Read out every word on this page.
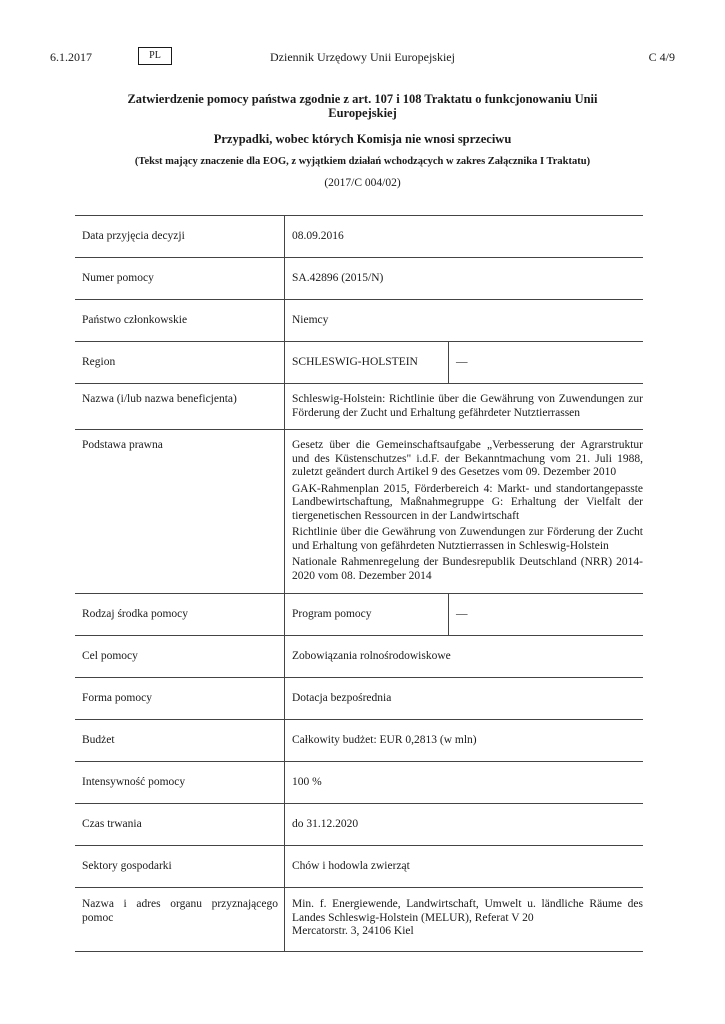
6.1.2017	Dziennik Urzędowy Unii Europejskiej
PL	C 4/9

Zatwierdzenie pomocy państwa zgodnie z art. 107 i 108 Traktatu o funkcjonowaniu Unii Europejskiej

Przypadki, wobec których Komisja nie wnosi sprzeciwu

(Tekst mający znaczenie dla EOG, z wyjątkiem działań wchodzących w zakres Załącznika I Traktatu)

(2017/C 004/02)

Data przyjęcia decyzji	08.09.2016	

Numer pomocy	SA.42896 (2015/N)	

Państwo członkowskie	Niemcy	

Region	SCHLESWIG-HOLSTEIN	—

Nazwa (i/lub nazwa beneficjenta)	Schleswig-Holstein: Richtlinie über die Gewährung von Zuwendungen zur Förderung der Zucht und Erhaltung gefährdeter Nutztierrassen	

Podstawa prawna	Gesetz über die Gemeinschaftsaufgabe „Verbesserung der Agrarstruktur und des Küstenschutzes" i.d.F. der Bekanntmachung vom 21. Juli 1988, zuletzt geändert durch Artikel 9 des Gesetzes vom 09. Dezember 2010

GAK-Rahmenplan 2015, Förderbereich 4: Markt- und standortangepasste Landbewirtschaftung, Maßnahmegruppe G: Erhaltung der Vielfalt der tiergenetischen Ressourcen in der Landwirtschaft

Richtlinie über die Gewährung von Zuwendungen zur Förderung der Zucht und Erhaltung von gefährdeten Nutztierrassen in Schleswig-Holstein

Nationale Rahmenregelung der Bundesrepublik Deutschland (NRR) 2014-2020 vom 08. Dezember 2014	

Rodzaj środka pomocy	Program pomocy	—

Cel pomocy	Zobowiązania rolnośrodowiskowe	

Forma pomocy	Dotacja bezpośrednia	

Budżet	Całkowity budżet: EUR 0,2813 (w mln)	

Intensywność pomocy	100 %	

Czas trwania	do 31.12.2020	

Sektory gospodarki	Chów i hodowla zwierząt	

Nazwa i adres organu przyznającego pomoc	Min. f. Energiewende, Landwirtschaft, Umwelt u. ländliche Räume des Landes Schleswig-Holstein (MELUR), Referat V 20

Mercatorstr. 3, 24106 Kiel	
